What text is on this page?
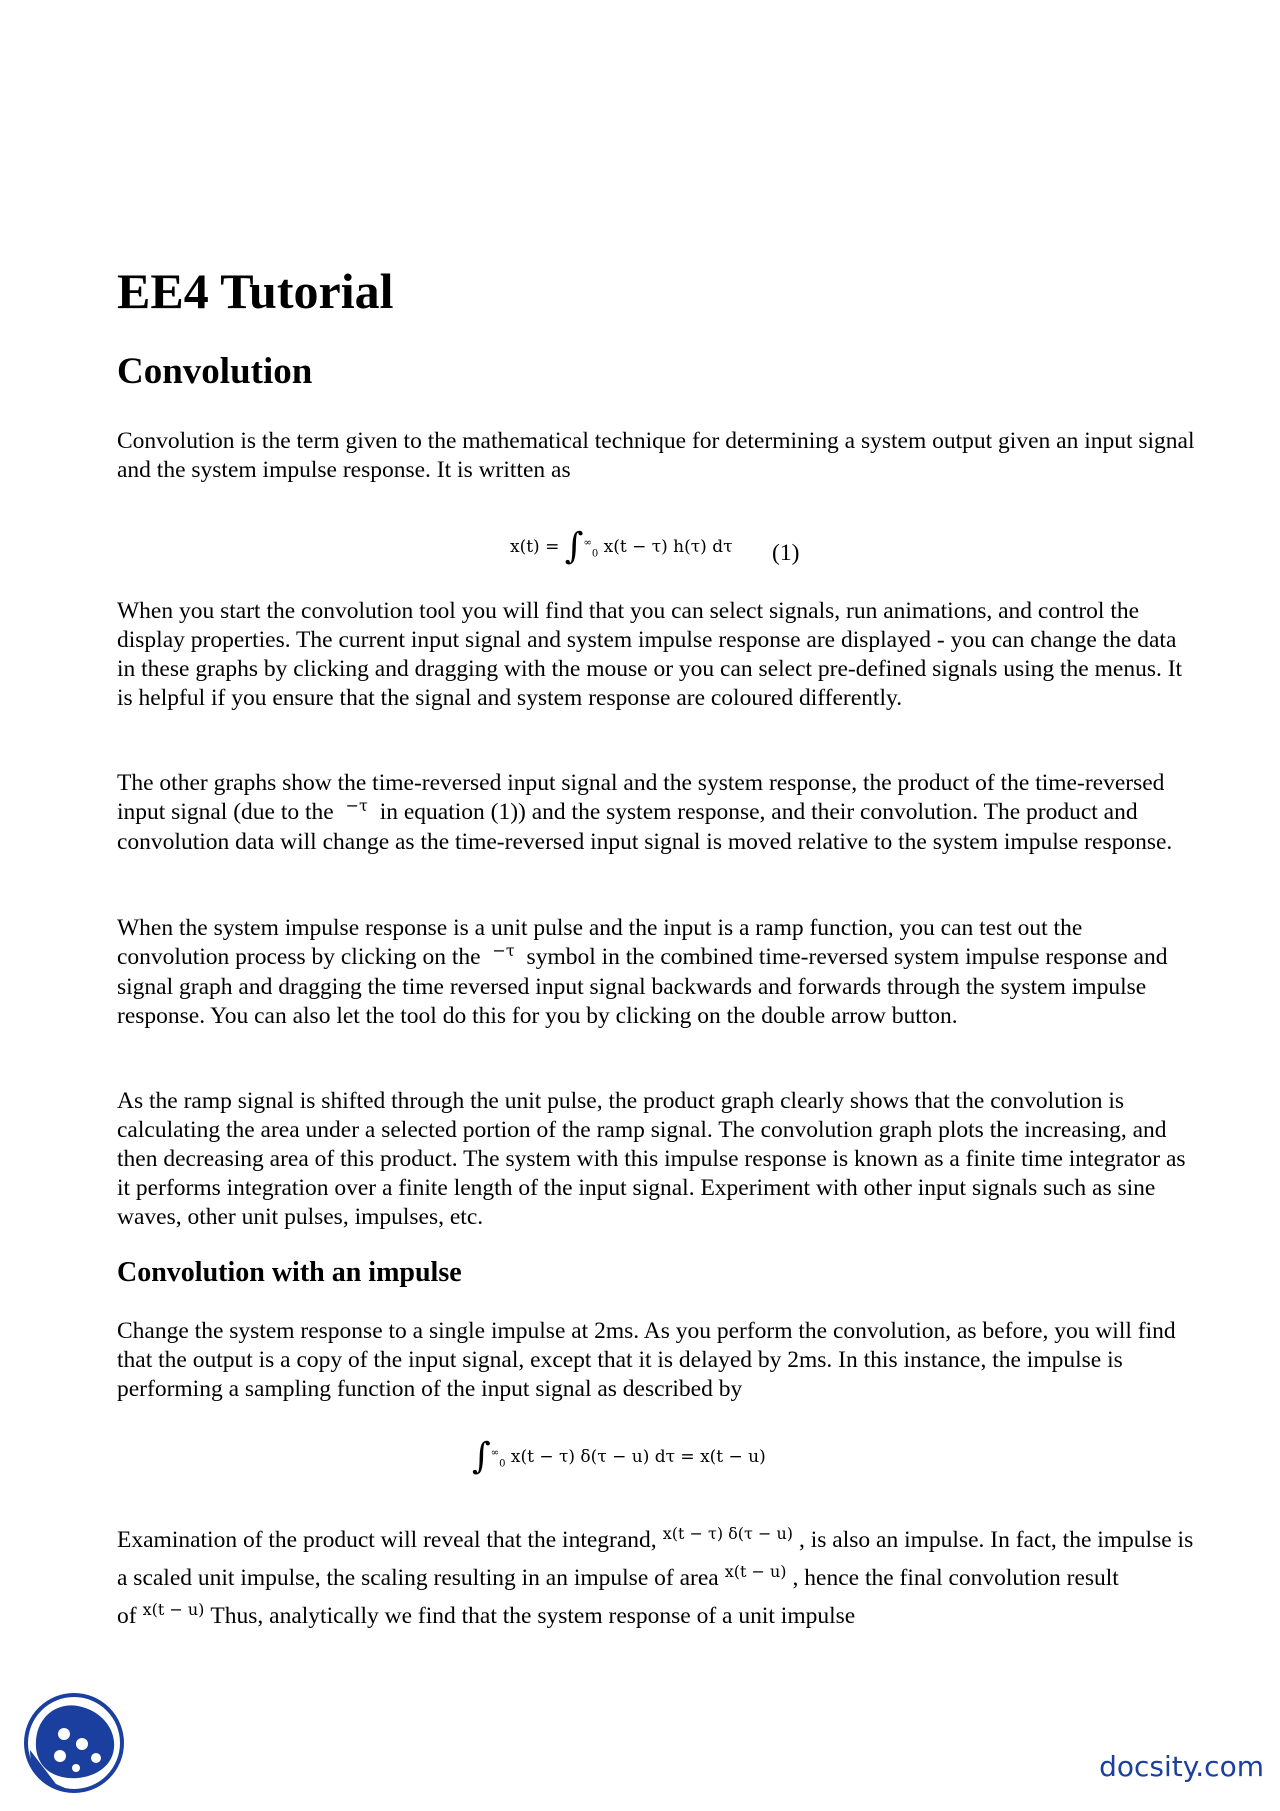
EE4 Tutorial
Convolution

Convolution is the term given to the mathematical technique for determining a system output given an input signal and the system impulse response. It is written as

$x(t) = \int^\infty_0$ x(t − τ) h(τ) dτ (1)

When you start the convolution tool you will find that you can select signals, run animations, and control the display properties. The current input signal and system impulse response are displayed - you can change the data in these graphs by clicking and dragging with the mouse or you can select pre-defined signals using the menus. It is helpful if you ensure that the signal and system response are coloured differently.

The other graphs show the time-reversed input signal and the system response, the product of the time-reversed input signal (due to the $^{-\tau}$ in equation (1)) and the system response, and their convolution. The product and convolution data will change as the time-reversed input signal is moved relative to the system impulse response.

When the system impulse response is a unit pulse and the input is a ramp function, you can test out the convolution process by clicking on the $^{-\tau}$ symbol in the combined time-reversed system impulse response and signal graph and dragging the time reversed input signal backwards and forwards through the system impulse response. You can also let the tool do this for you by clicking on the double arrow button.

As the ramp signal is shifted through the unit pulse, the product graph clearly shows that the convolution is calculating the area under a selected portion of the ramp signal. The convolution graph plots the increasing, and then decreasing area of this product. The system with this impulse response is known as a finite time integrator as it performs integration over a finite length of the input signal. Experiment with other input signals such as sine waves, other unit pulses, impulses, etc.

Convolution with an impulse

Change the system response to a single impulse at 2ms. As you perform the convolution, as before, you will find that the output is a copy of the input signal, except that it is delayed by 2ms. In this instance, the impulse is performing a sampling function of the input signal as described by

$\int^\infty_0$ x(t − τ) δ(τ − u) dτ = x(t − u)

Examination of the product will reveal that the integrand, $^{x(t - \tau) \delta(\tau - u)}$ , is also an impulse. In fact, the impulse is a scaled unit impulse, the scaling resulting in an impulse of area $^{x(t - u)}$ , hence the final convolution result of $^{x(t - u)}$ Thus, analytically we find that the system response of a unit impulse

docsity.com
